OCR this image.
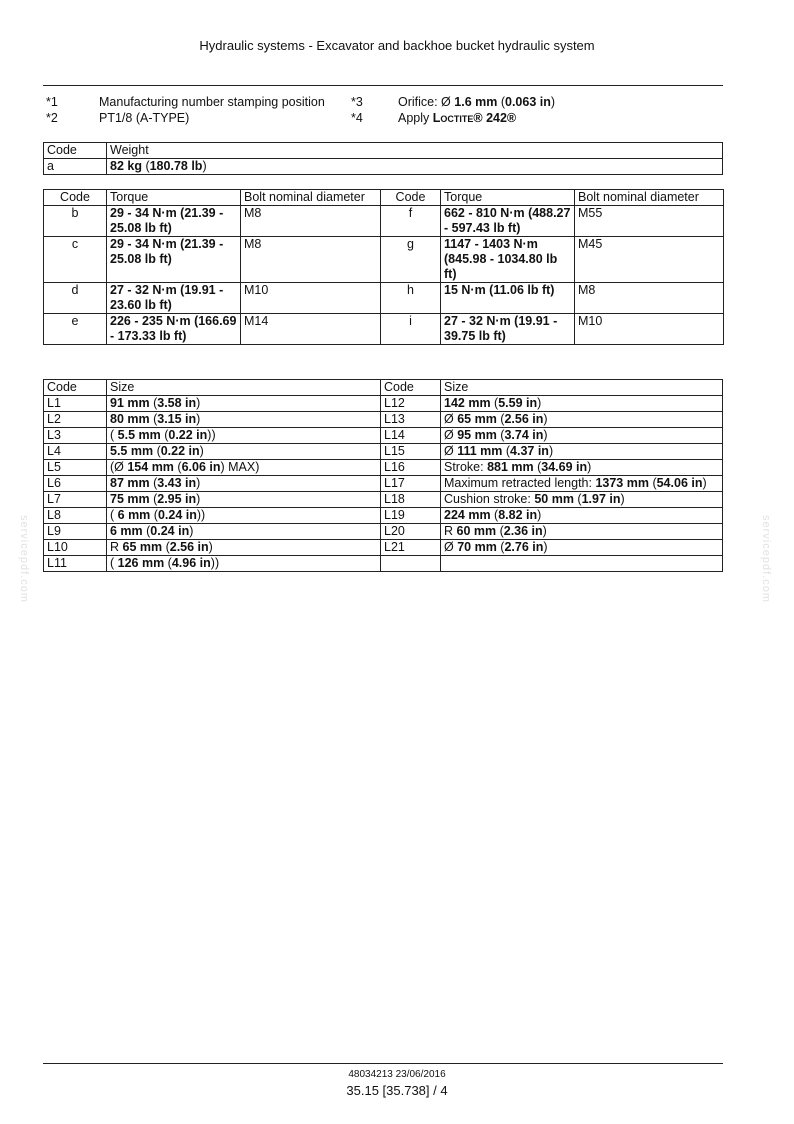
Hydraulic systems - Excavator and backhoe bucket hydraulic system
*1	Manufacturing number stamping position *3	Orifice: Ø 1.6 mm (0.063 in)
*2	PT1/8 (A-TYPE)	*4	Apply Loctite® 242®
Code	Weight
a	82 kg (180.78 lb)
Code	Torque	Bolt nominal diameter	Code	Torque	Bolt nominal diameter
b	29 - 34 N·m (21.39 - 25.08 lb ft)	M8	f	662 - 810 N·m (488.27 - 597.43 lb ft)	M55
c	29 - 34 N·m (21.39 - 25.08 lb ft)	M8	g	1147 - 1403 N·m (845.98 - 1034.80 lb ft)	M45
d	27 - 32 N·m (19.91 - 23.60 lb ft)	M10	h	15 N·m (11.06 lb ft)	M8
e	226 - 235 N·m (166.69 - 173.33 lb ft)	M14	i	27 - 32 N·m (19.91 - 39.75 lb ft)	M10
Code	Size	Code	Size
L1	91 mm (3.58 in)	L12	142 mm (5.59 in)
L2	80 mm (3.15 in)	L13	Ø 65 mm (2.56 in)
L3	( 5.5 mm (0.22 in))	L14	Ø 95 mm (3.74 in)
L4	5.5 mm (0.22 in)	L15	Ø 111 mm (4.37 in)
L5	(Ø 154 mm (6.06 in) MAX)	L16	Stroke: 881 mm (34.69 in)
L6	87 mm (3.43 in)	L17	Maximum retracted length: 1373 mm (54.06 in)
L7	75 mm (2.95 in)	L18	Cushion stroke: 50 mm (1.97 in)
L8	( 6 mm (0.24 in))	L19	224 mm (8.82 in)
L9	6 mm (0.24 in)	L20	R 60 mm (2.36 in)
L10	R 65 mm (2.56 in)	L21	Ø 70 mm (2.76 in)
L11	( 126 mm (4.96 in))		
servicepdf.com	servicepdf.com
48034213 23/06/2016
35.15 [35.738] / 4
